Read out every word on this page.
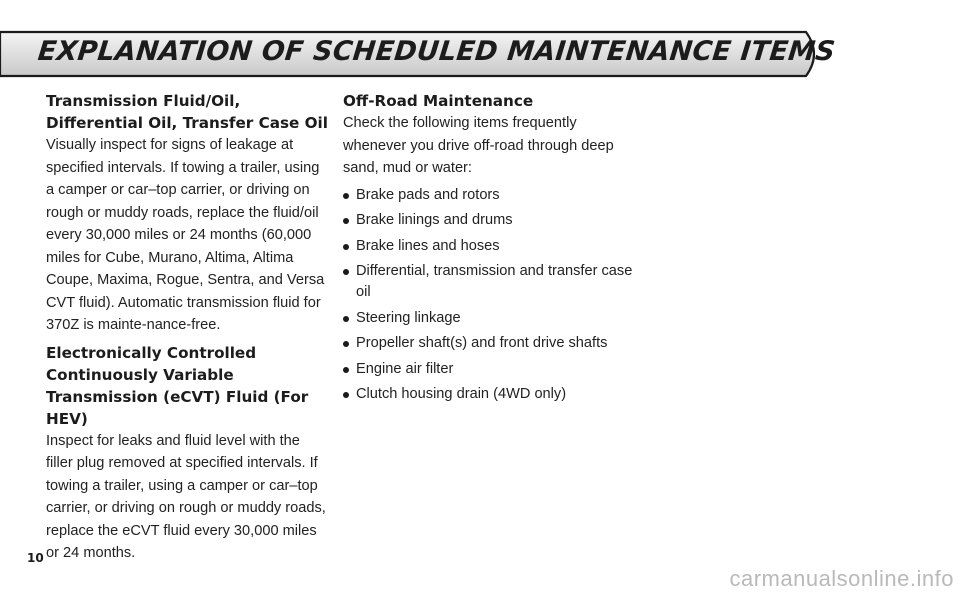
EXPLANATION OF SCHEDULED MAINTENANCE ITEMS
Transmission Fluid/Oil, Differential Oil, Transfer Case Oil

Visually inspect for signs of leakage at specified intervals. If towing a trailer, using a camper or car–top carrier, or driving on rough or muddy roads, replace the fluid/oil every 30,000 miles or 24 months (60,000 miles for Cube, Murano, Altima, Altima Coupe, Maxima, Rogue, Sentra, and Versa CVT fluid). Automatic transmission fluid for 370Z is mainte-nance-free.

Electronically Controlled Continuously Variable Transmission (eCVT) Fluid (For HEV)

Inspect for leaks and fluid level with the filler plug removed at specified intervals. If towing a trailer, using a camper or car–top carrier, or driving on rough or muddy roads, replace the eCVT fluid every 30,000 miles or 24 months.

Off-Road Maintenance

Check the following items frequently whenever you drive off-road through deep sand, mud or water:

Brake pads and rotors
Brake linings and drums
Brake lines and hoses
Differential, transmission and transfer case oil
Steering linkage
Propeller shaft(s) and front drive shafts
Engine air filter
Clutch housing drain (4WD only)
10
carmanualsonline.info
